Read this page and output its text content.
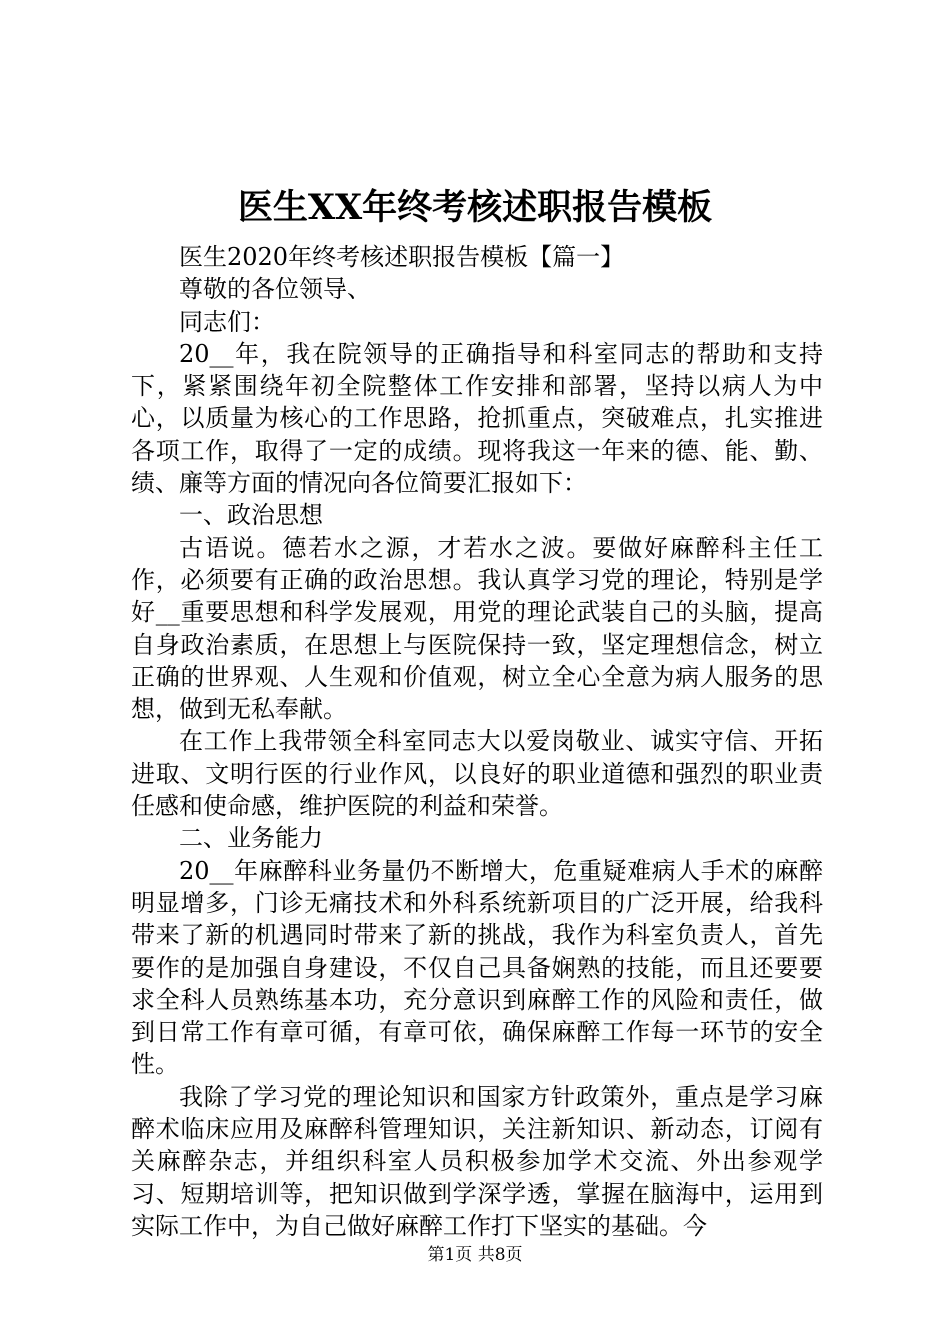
医生XX年终考核述职报告模板

医生2020年终考核述职报告模板【篇一】

尊敬的各位领导、

同志们：

20__年，我在院领导的正确指导和科室同志的帮助和支持下，紧紧围绕年初全院整体工作安排和部署，坚持以病人为中心，以质量为核心的工作思路，抢抓重点，突破难点，扎实推进各项工作，取得了一定的成绩。现将我这一年来的德、能、勤、绩、廉等方面的情况向各位简要汇报如下：

一、政治思想

古语说。德若水之源，才若水之波。要做好麻醉科主任工作，必须要有正确的政治思想。我认真学习党的理论，特别是学好__重要思想和科学发展观，用党的理论武装自己的头脑，提高自身政治素质，在思想上与医院保持一致，坚定理想信念，树立正确的世界观、人生观和价值观，树立全心全意为病人服务的思想，做到无私奉献。

在工作上我带领全科室同志大以爱岗敬业、诚实守信、开拓进取、文明行医的行业作风，以良好的职业道德和强烈的职业责任感和使命感，维护医院的利益和荣誉。

二、业务能力

20__年麻醉科业务量仍不断增大，危重疑难病人手术的麻醉明显增多，门诊无痛技术和外科系统新项目的广泛开展，给我科带来了新的机遇同时带来了新的挑战，我作为科室负责人，首先要作的是加强自身建设，不仅自己具备娴熟的技能，而且还要要求全科人员熟练基本功，充分意识到麻醉工作的风险和责任，做到日常工作有章可循，有章可依，确保麻醉工作每一环节的安全性。

我除了学习党的理论知识和国家方针政策外，重点是学习麻醉术临床应用及麻醉科管理知识，关注新知识、新动态，订阅有关麻醉杂志，并组织科室人员积极参加学术交流、外出参观学习、短期培训等，把知识做到学深学透，掌握在脑海中，运用到实际工作中，为自己做好麻醉工作打下坚实的基础。今

第1页 共8页
